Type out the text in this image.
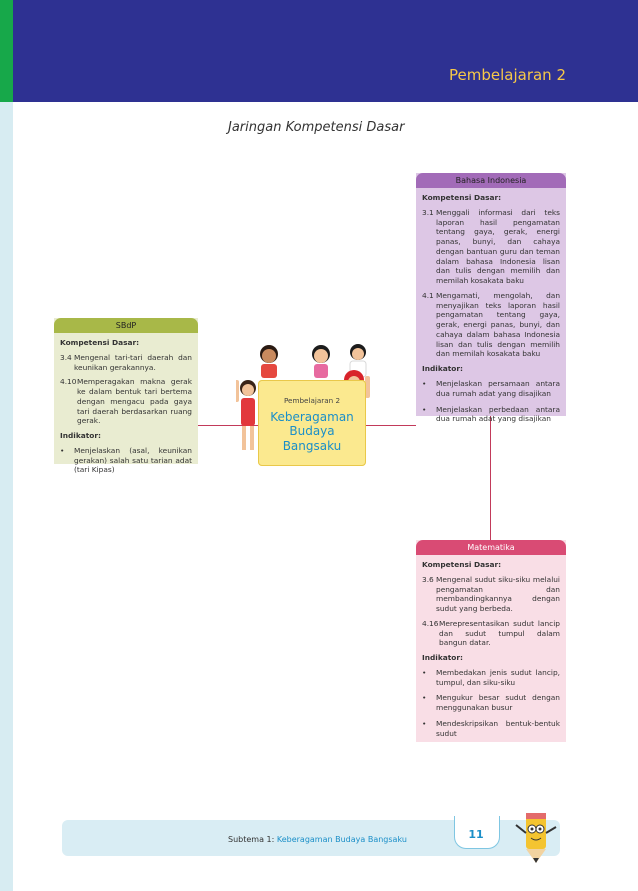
Pembelajaran 2
Jaringan Kompetensi Dasar
SBdP
Kompetensi Dasar:
3.4 Mengenal tari-tari daerah dan keunikan gerakannya.
4.10 Memperagakan makna gerak ke dalam bentuk tari bertema dengan mengacu pada gaya tari daerah berdasarkan ruang gerak.
Indikator:
•	Menjelaskan (asal, keunikan gerakan) salah satu tarian adat (tari Kipas)
Bahasa Indonesia
Kompetensi Dasar:
3.1 Menggali informasi dari teks laporan hasil pengamatan tentang gaya, gerak, energi panas, bunyi, dan cahaya dengan bantuan guru dan teman dalam bahasa Indonesia lisan dan tulis dengan memilih dan memilah kosakata baku
4.1 Mengamati, mengolah, dan menyajikan teks laporan hasil pengamatan tentang gaya, gerak, energi panas, bunyi, dan cahaya dalam bahasa Indonesia lisan dan tulis dengan memilih dan memilah kosakata baku
Indikator:
•	Menjelaskan persamaan antara dua rumah adat yang disajikan
•	Menjelaskan perbedaan antara dua rumah adat yang disajikan
Matematika
Kompetensi Dasar:
3.6 Mengenal sudut siku-siku melalui pengamatan dan membandingkannya dengan sudut yang berbeda.
4.16 Merepresentasikan sudut lancip dan sudut tumpul dalam bangun datar.
Indikator:
•	Membedakan jenis sudut lancip, tumpul, dan siku-siku
•	Mengukur besar sudut dengan menggunakan busur
•	Mendeskripsikan bentuk-bentuk sudut
Pembelajaran 2
Keberagaman
Budaya
Bangsaku
Subtema 1: Keberagaman Budaya Bangsaku	11
